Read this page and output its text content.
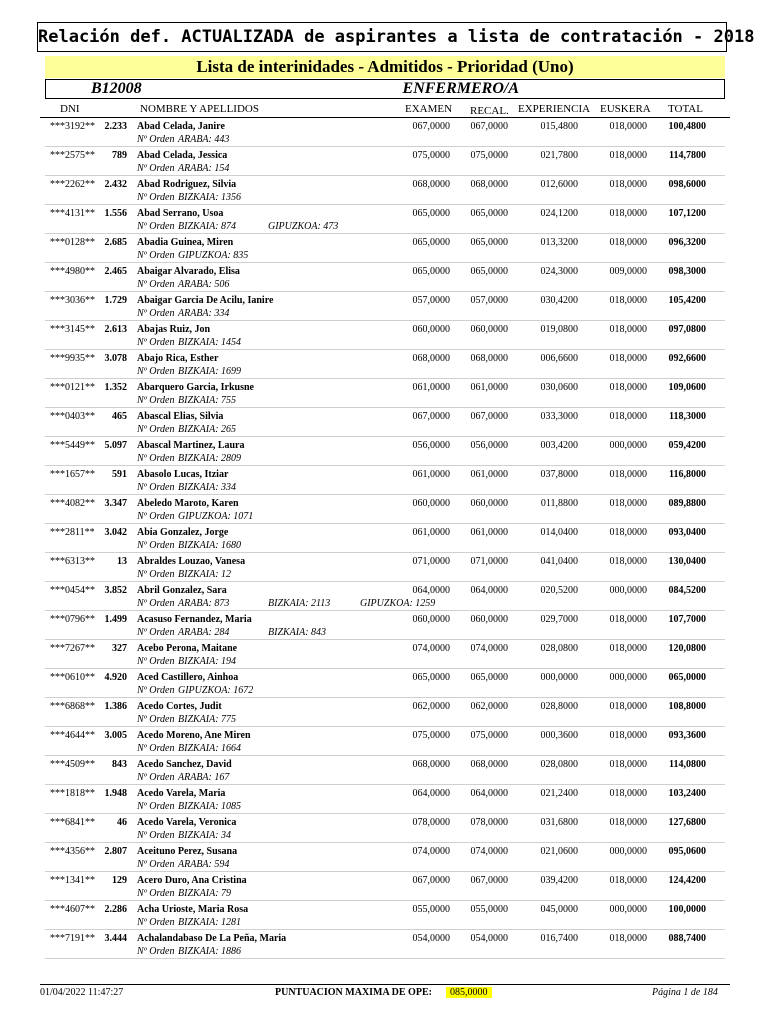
Relación def. ACTUALIZADA de aspirantes a lista de contratación - 2018
Lista de interinidades - Admitidos - Prioridad (Uno)
B12008	ENFERMERO/A
DNI	NOMBRE Y APELLIDOS	EXAMEN RECAL. EXPERIENCIA EUSKERA TOTAL
***3192** 2.233 Abad Celada, Janire	067,0000	067,0000	015,4800	018,0000	100,4800
Nº Orden ARABA: 443
***2575**	789 Abad Celada, Jessica	075,0000	075,0000	021,7800	018,0000	114,7800
Nº Orden ARABA: 154
***2262** 2.432 Abad Rodriguez, Silvia	068,0000	068,0000	012,6000	018,0000	098,6000
Nº Orden BIZKAIA: 1356
***4131** 1.556 Abad Serrano, Usoa	065,0000	065,0000	024,1200	018,0000	107,1200
Nº Orden BIZKAIA: 874	GIPUZKOA: 473
***0128** 2.685 Abadia Guinea, Miren	065,0000	065,0000	013,3200	018,0000	096,3200
Nº Orden GIPUZKOA: 835
***4980** 2.465 Abaigar Alvarado, Elisa	065,0000	065,0000	024,3000	009,0000	098,3000
Nº Orden ARABA: 506
***3036** 1.729 Abaigar Garcia De Acilu, Ianire	057,0000	057,0000	030,4200	018,0000	105,4200
Nº Orden ARABA: 334
***3145** 2.613 Abajas Ruiz, Jon	060,0000	060,0000	019,0800	018,0000	097,0800
Nº Orden BIZKAIA: 1454
***9935** 3.078 Abajo Rica, Esther	068,0000	068,0000	006,6600	018,0000	092,6600
Nº Orden BIZKAIA: 1699
***0121** 1.352 Abarquero Garcia, Irkusne	061,0000	061,0000	030,0600	018,0000	109,0600
Nº Orden BIZKAIA: 755
***0403**	465 Abascal Elias, Silvia	067,0000	067,0000	033,3000	018,0000	118,3000
Nº Orden BIZKAIA: 265
***5449** 5.097 Abascal Martinez, Laura	056,0000	056,0000	003,4200	000,0000	059,4200
Nº Orden BIZKAIA: 2809
***1657**	591 Abasolo Lucas, Itziar	061,0000	061,0000	037,8000	018,0000	116,8000
Nº Orden BIZKAIA: 334
***4082** 3.347 Abeledo Maroto, Karen	060,0000	060,0000	011,8800	018,0000	089,8800
Nº Orden GIPUZKOA: 1071
***2811** 3.042 Abia Gonzalez, Jorge	061,0000	061,0000	014,0400	018,0000	093,0400
Nº Orden BIZKAIA: 1680
***6313**	13 Abraldes Louzao, Vanesa	071,0000	071,0000	041,0400	018,0000	130,0400
Nº Orden BIZKAIA: 12
***0454** 3.852 Abril Gonzalez, Sara	064,0000	064,0000	020,5200	000,0000	084,5200
Nº Orden ARABA: 873	BIZKAIA: 2113	GIPUZKOA: 1259
***0796** 1.499 Acasuso Fernandez, Maria	060,0000	060,0000	029,7000	018,0000	107,7000
Nº Orden ARABA: 284	BIZKAIA: 843
***7267**	327 Acebo Perona, Maitane	074,0000	074,0000	028,0800	018,0000	120,0800
Nº Orden BIZKAIA: 194
***0610** 4.920 Aced Castillero, Ainhoa	065,0000	065,0000	000,0000	000,0000	065,0000
Nº Orden GIPUZKOA: 1672
***6868** 1.386 Acedo Cortes, Judit	062,0000	062,0000	028,8000	018,0000	108,8000
Nº Orden BIZKAIA: 775
***4644** 3.005 Acedo Moreno, Ane Miren	075,0000	075,0000	000,3600	018,0000	093,3600
Nº Orden BIZKAIA: 1664
***4509**	843 Acedo Sanchez, David	068,0000	068,0000	028,0800	018,0000	114,0800
Nº Orden ARABA: 167
***1818** 1.948 Acedo Varela, Maria	064,0000	064,0000	021,2400	018,0000	103,2400
Nº Orden BIZKAIA: 1085
***6841**	46 Acedo Varela, Veronica	078,0000	078,0000	031,6800	018,0000	127,6800
Nº Orden BIZKAIA: 34
***4356** 2.807 Aceituno Perez, Susana	074,0000	074,0000	021,0600	000,0000	095,0600
Nº Orden ARABA: 594
***1341**	129 Acero Duro, Ana Cristina	067,0000	067,0000	039,4200	018,0000	124,4200
Nº Orden BIZKAIA: 79
***4607** 2.286 Acha Urioste, Maria Rosa	055,0000	055,0000	045,0000	000,0000	100,0000
Nº Orden BIZKAIA: 1281
***7191** 3.444 Achalandabaso De La Peña, Maria	054,0000	054,0000	016,7400	018,0000	088,7400
Nº Orden BIZKAIA: 1886
01/04/2022 11:47:27	PUNTUACION MAXIMA DE OPE:	085,0000	Página 1 de 184
